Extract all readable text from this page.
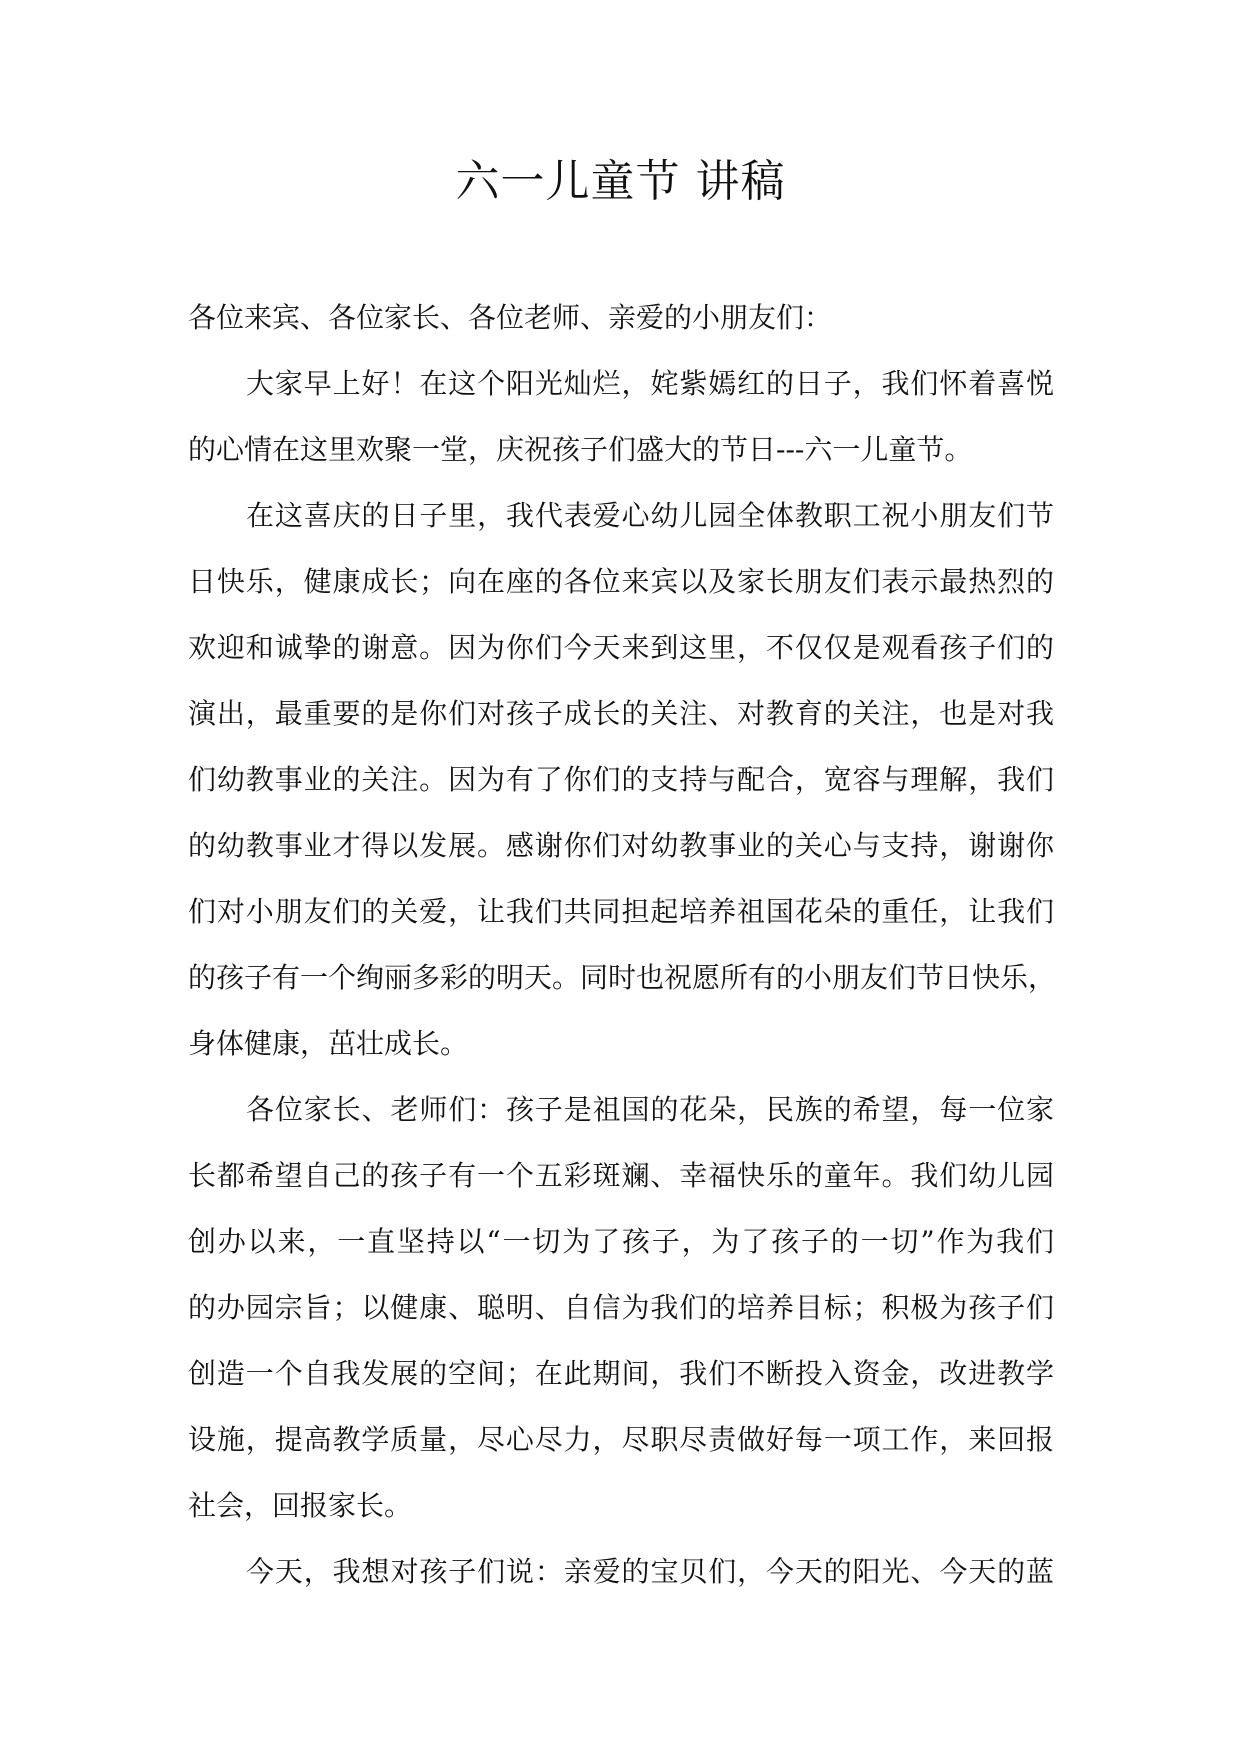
六一儿童节 讲稿
各位来宾、各位家长、各位老师、亲爱的小朋友们：
大家早上好！在这个阳光灿烂，姹紫嫣红的日子，我们怀着喜悦
的心情在这里欢聚一堂，庆祝孩子们盛大的节日---六一儿童节。
在这喜庆的日子里，我代表爱心幼儿园全体教职工祝小朋友们节
日快乐，健康成长；向在座的各位来宾以及家长朋友们表示最热烈的
欢迎和诚挚的谢意。因为你们今天来到这里，不仅仅是观看孩子们的
演出，最重要的是你们对孩子成长的关注、对教育的关注，也是对我
们幼教事业的关注。因为有了你们的支持与配合，宽容与理解，我们
的幼教事业才得以发展。感谢你们对幼教事业的关心与支持，谢谢你
们对小朋友们的关爱，让我们共同担起培养祖国花朵的重任，让我们
的孩子有一个绚丽多彩的明天。同时也祝愿所有的小朋友们节日快乐，
身体健康，茁壮成长。
各位家长、老师们：孩子是祖国的花朵，民族的希望，每一位家
长都希望自己的孩子有一个五彩斑斓、幸福快乐的童年。我们幼儿园
创办以来，一直坚持以“一切为了孩子，为了孩子的一切”作为我们
的办园宗旨；以健康、聪明、自信为我们的培养目标；积极为孩子们
创造一个自我发展的空间；在此期间，我们不断投入资金，改进教学
设施，提高教学质量，尽心尽力，尽职尽责做好每一项工作，来回报
社会，回报家长。
今天，我想对孩子们说：亲爱的宝贝们，今天的阳光、今天的蓝
